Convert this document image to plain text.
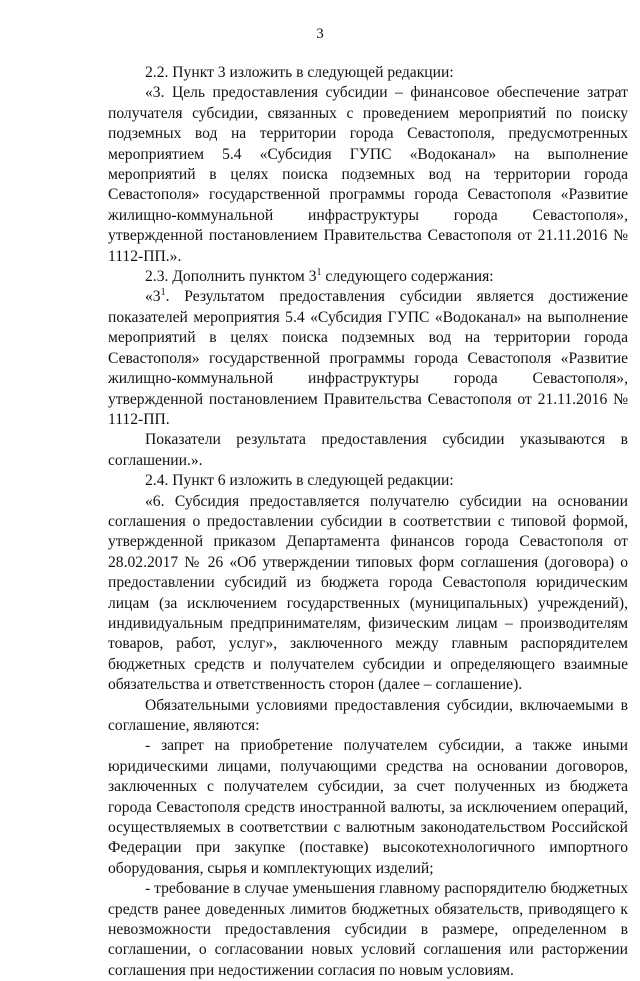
3

2.2. Пункт 3 изложить в следующей редакции:

«3. Цель предоставления субсидии – финансовое обеспечение затрат получателя субсидии, связанных с проведением мероприятий по поиску подземных вод на территории города Севастополя, предусмотренных мероприятием 5.4 «Субсидия ГУПС «Водоканал» на выполнение мероприятий в целях поиска подземных вод на территории города Севастополя» государственной программы города Севастополя «Развитие жилищно-коммунальной инфраструктуры города Севастополя», утвержденной постановлением Правительства Севастополя от 21.11.2016 № 1112-ПП.».

2.3. Дополнить пунктом $3^1$ следующего содержания:

«$3^1$. Результатом предоставления субсидии является достижение показателей мероприятия 5.4 «Субсидия ГУПС «Водоканал» на выполнение мероприятий в целях поиска подземных вод на территории города Севастополя» государственной программы города Севастополя «Развитие жилищно-коммунальной инфраструктуры города Севастополя», утвержденной постановлением Правительства Севастополя от 21.11.2016 № 1112-ПП.

Показатели результата предоставления субсидии указываются в соглашении.».

2.4. Пункт 6 изложить в следующей редакции:

«6. Субсидия предоставляется получателю субсидии на основании соглашения о предоставлении субсидии в соответствии с типовой формой, утвержденной приказом Департамента финансов города Севастополя от 28.02.2017 № 26 «Об утверждении типовых форм соглашения (договора) о предоставлении субсидий из бюджета города Севастополя юридическим лицам (за исключением государственных (муниципальных) учреждений), индивидуальным предпринимателям, физическим лицам – производителям товаров, работ, услуг», заключенного между главным распорядителем бюджетных средств и получателем субсидии и определяющего взаимные обязательства и ответственность сторон (далее – соглашение).

Обязательными условиями предоставления субсидии, включаемыми в соглашение, являются:

- запрет на приобретение получателем субсидии, а также иными юридическими лицами, получающими средства на основании договоров, заключенных с получателем субсидии, за счет полученных из бюджета города Севастополя средств иностранной валюты, за исключением операций, осуществляемых в соответствии с валютным законодательством Российской Федерации при закупке (поставке) высокотехнологичного импортного оборудования, сырья и комплектующих изделий;

- требование в случае уменьшения главному распорядителю бюджетных средств ранее доведенных лимитов бюджетных обязательств, приводящего к невозможности предоставления субсидии в размере, определенном в соглашении, о согласовании новых условий соглашения или расторжении соглашения при недостижении согласия по новым условиям.
